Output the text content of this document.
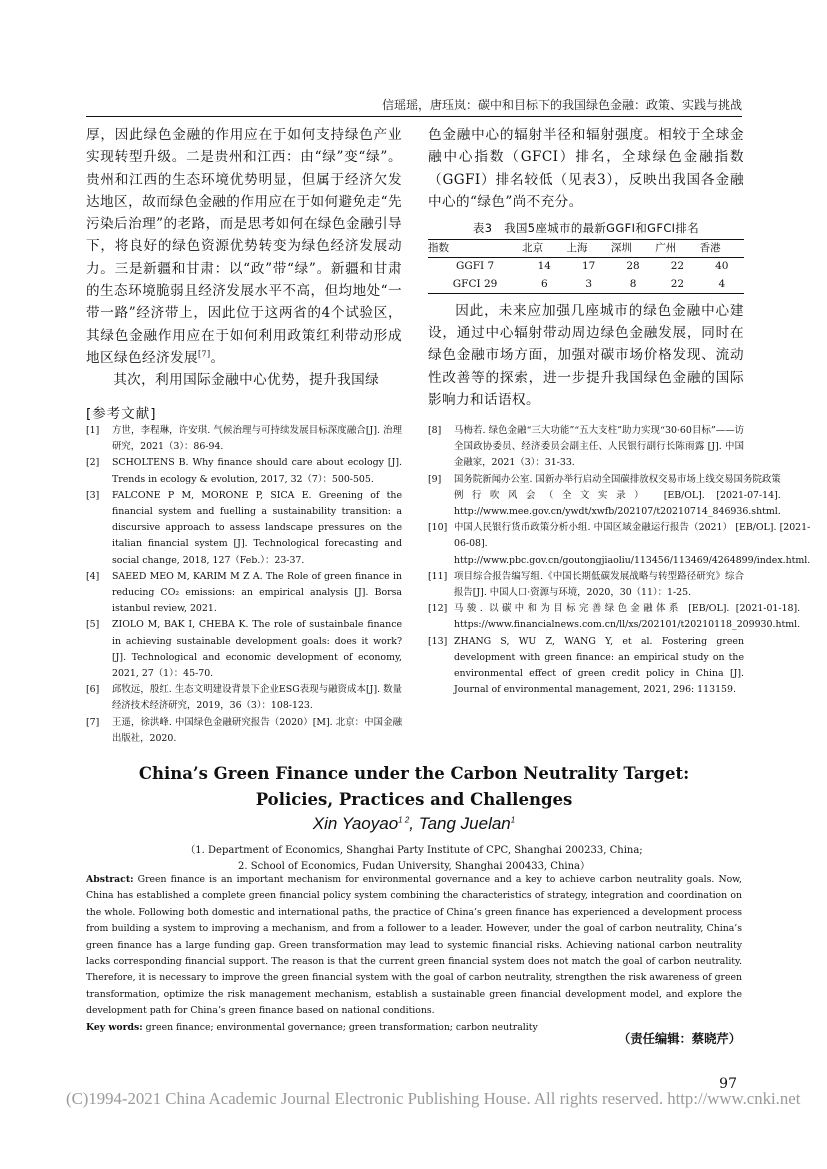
信瑶瑶，唐珏岚：碳中和目标下的我国绿色金融：政策、实践与挑战

厚，因此绿色金融的作用应在于如何支持绿色产业实现转型升级。二是贵州和江西：由“绿”变“绿”。贵州和江西的生态环境优势明显，但属于经济欠发达地区，故而绿色金融的作用应在于如何避免走“先污染后治理”的老路，而是思考如何在绿色金融引导下，将良好的绿色资源优势转变为绿色经济发展动力。三是新疆和甘肃：以“政”带“绿”。新疆和甘肃的生态环境脆弱且经济发展水平不高，但均地处“一带一路”经济带上，因此位于这两省的4个试验区，其绿色金融作用应在于如何利用政策红利带动形成地区绿色经济发展[7]。

其次，利用国际金融中心优势，提升我国绿

色金融中心的辐射半径和辐射强度。相较于全球金融中心指数（GFCI）排名，全球绿色金融指数（GGFI）排名较低（见表3），反映出我国各金融中心的“绿色”尚不充分。

表3　我国5座城市的最新GGFI和GFCI排名
指数	北京	上海	深圳	广州	香港
GGFI 7	14	17	28	22	40
GFCI 29	6	3	8	22	4

因此，未来应加强几座城市的绿色金融中心建设，通过中心辐射带动周边绿色金融发展，同时在绿色金融市场方面，加强对碳市场价格发现、流动性改善等的探索，进一步提升我国绿色金融的国际影响力和话语权。

[参考文献]
[1]	方世，李程琳，许安琪. 气候治理与可持续发展目标深度融合[J]. 治理研究，2021（3）：86-94.
[2]	SCHOLTENS B. Why finance should care about ecology [J]. Trends in ecology & evolution, 2017, 32（7）：500-505.
[3]	FALCONE P M, MORONE P, SICA E. Greening of the financial system and fuelling a sustainability transition: a discursive approach to assess landscape pressures on the italian financial system [J]. Technological forecasting and social change, 2018, 127（Feb.）：23-37.
[4]	SAEED MEO M, KARIM M Z A. The Role of green finance in reducing CO₂ emissions: an empirical analysis [J]. Borsa istanbul review, 2021.
[5]	ZIOLO M, BAK I, CHEBA K. The role of sustainbale finance in achieving sustainable development goals: does it work? [J]. Technological and economic development of economy, 2021, 27（1）：45-70.
[6]	邱牧远，殷红. 生态文明建设背景下企业ESG表现与融资成本[J]. 数量经济技术经济研究，2019，36（3）：108-123.
[7]	王遥，徐洪峰. 中国绿色金融研究报告（2020）[M]. 北京：中国金融出版社，2020.
[8]	马梅若. 绿色金融“三大功能”“五大支柱”助力实现“30·60目标”——访全国政协委员、经济委员会副主任、人民银行副行长陈雨露 [J]. 中国金融家，2021（3）：31-33.
[9]	国务院新闻办公室. 国新办举行启动全国碳排放权交易市场上线交易国务院政策例行吹风会（全文实录） [EB/OL]. [2021-07-14]. http://www.mee.gov.cn/ywdt/xwfb/202107/t20210714_846936.shtml.
[10] 中国人民银行货币政策分析小组. 中国区域金融运行报告（2021） [EB/OL]. [2021-06-08]. http://www.pbc.gov.cn/goutongjiaoliu/113456/113469/4264899/index.html.
[11] 项目综合报告编写组.《中国长期低碳发展战略与转型路径研究》综合报告[J]. 中国人口·资源与环境，2020，30（11）：1-25.
[12] 马骏. 以碳中和为目标完善绿色金融体系 [EB/OL]. [2021-01-18]. https://www.financialnews.com.cn/ll/xs/202101/t20210118_209930.html.
[13] ZHANG S, WU Z, WANG Y, et al. Fostering green development with green finance: an empirical study on the environmental effect of green credit policy in China [J]. Journal of environmental management, 2021, 296: 113159.
China’s Green Finance under the Carbon Neutrality Target:
Policies, Practices and Challenges
Xin Yaoyao$^{1 2}$, Tang Juelan$^1$
（1. Department of Economics, Shanghai Party Institute of CPC, Shanghai 200233, China;
2. School of Economics, Fudan University, Shanghai 200433, China）

Abstract: Green finance is an important mechanism for environmental governance and a key to achieve carbon neutrality goals. Now, China has established a complete green financial policy system combining the characteristics of strategy, integration and coordination on the whole. Following both domestic and international paths, the practice of China’s green finance has experienced a development process from building a system to improving a mechanism, and from a follower to a leader. However, under the goal of carbon neutrality, China’s green finance has a large funding gap. Green transformation may lead to systemic financial risks. Achieving national carbon neutrality lacks corresponding financial support. The reason is that the current green financial system does not match the goal of carbon neutrality. Therefore, it is necessary to improve the green financial system with the goal of carbon neutrality, strengthen the risk awareness of green transformation, optimize the risk management mechanism, establish a sustainable green financial development model, and explore the development path for China’s green finance based on national conditions.

Key words: green finance; environmental governance; green transformation; carbon neutrality

（责任编辑：蔡晓芹）
97
(C)1994-2021 China Academic Journal Electronic Publishing House. All rights reserved. http://www.cnki.net
